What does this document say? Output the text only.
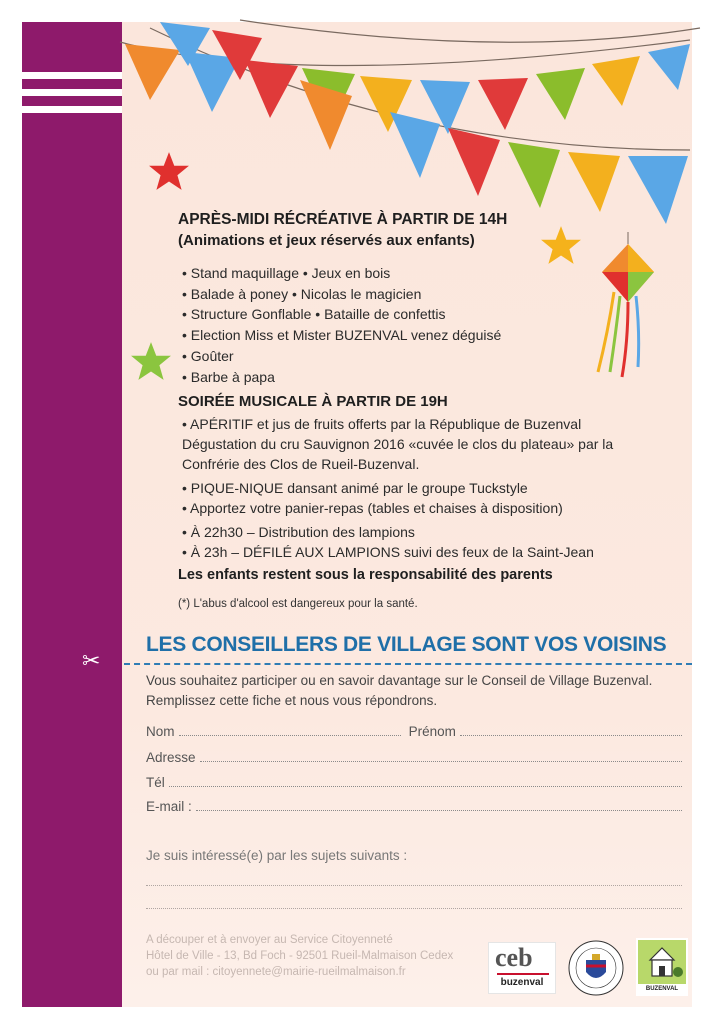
APRÈS-MIDI RÉCRÉATIVE À PARTIR DE 14H
(Animations et jeux réservés aux enfants)
• Stand maquillage • Jeux en bois
• Balade à poney • Nicolas le magicien
• Structure Gonflable • Bataille de confettis
• Election Miss et Mister BUZENVAL venez déguisé
• Goûter
• Barbe à papa
SOIRÉE MUSICALE À PARTIR DE 19H
• APÉRITIF et jus de fruits offerts par la République de Buzenval
Dégustation du cru Sauvignon 2016 «cuvée le clos du plateau» par la
Confrérie des Clos de Rueil-Buzenval.
• PIQUE-NIQUE dansant animé par le groupe Tuckstyle
• Apportez votre panier-repas (tables et chaises à disposition)
• À 22h30 – Distribution des lampions
• À 23h – DÉFILÉ AUX LAMPIONS suivi des feux de la Saint-Jean
Les enfants restent sous la responsabilité des parents
(*) L'abus d'alcool est dangereux pour la santé.
LES CONSEILLERS DE VILLAGE SONT VOS VOISINS
✂
Vous souhaitez participer ou en savoir davantage sur le Conseil de Village Buzenval.
Remplissez cette fiche et nous vous répondrons.
Nom	Prénom
Adresse
Tél
E-mail :
Je suis intéressé(e) par les sujets suivants :
A découper et à envoyer au Service Citoyenneté
Hôtel de Ville - 13, Bd Foch - 92501 Rueil-Malmaison Cedex
ou par mail : citoyennete@mairie-rueilmalmaison.fr	ceb
buzenval
BUZENVAL
